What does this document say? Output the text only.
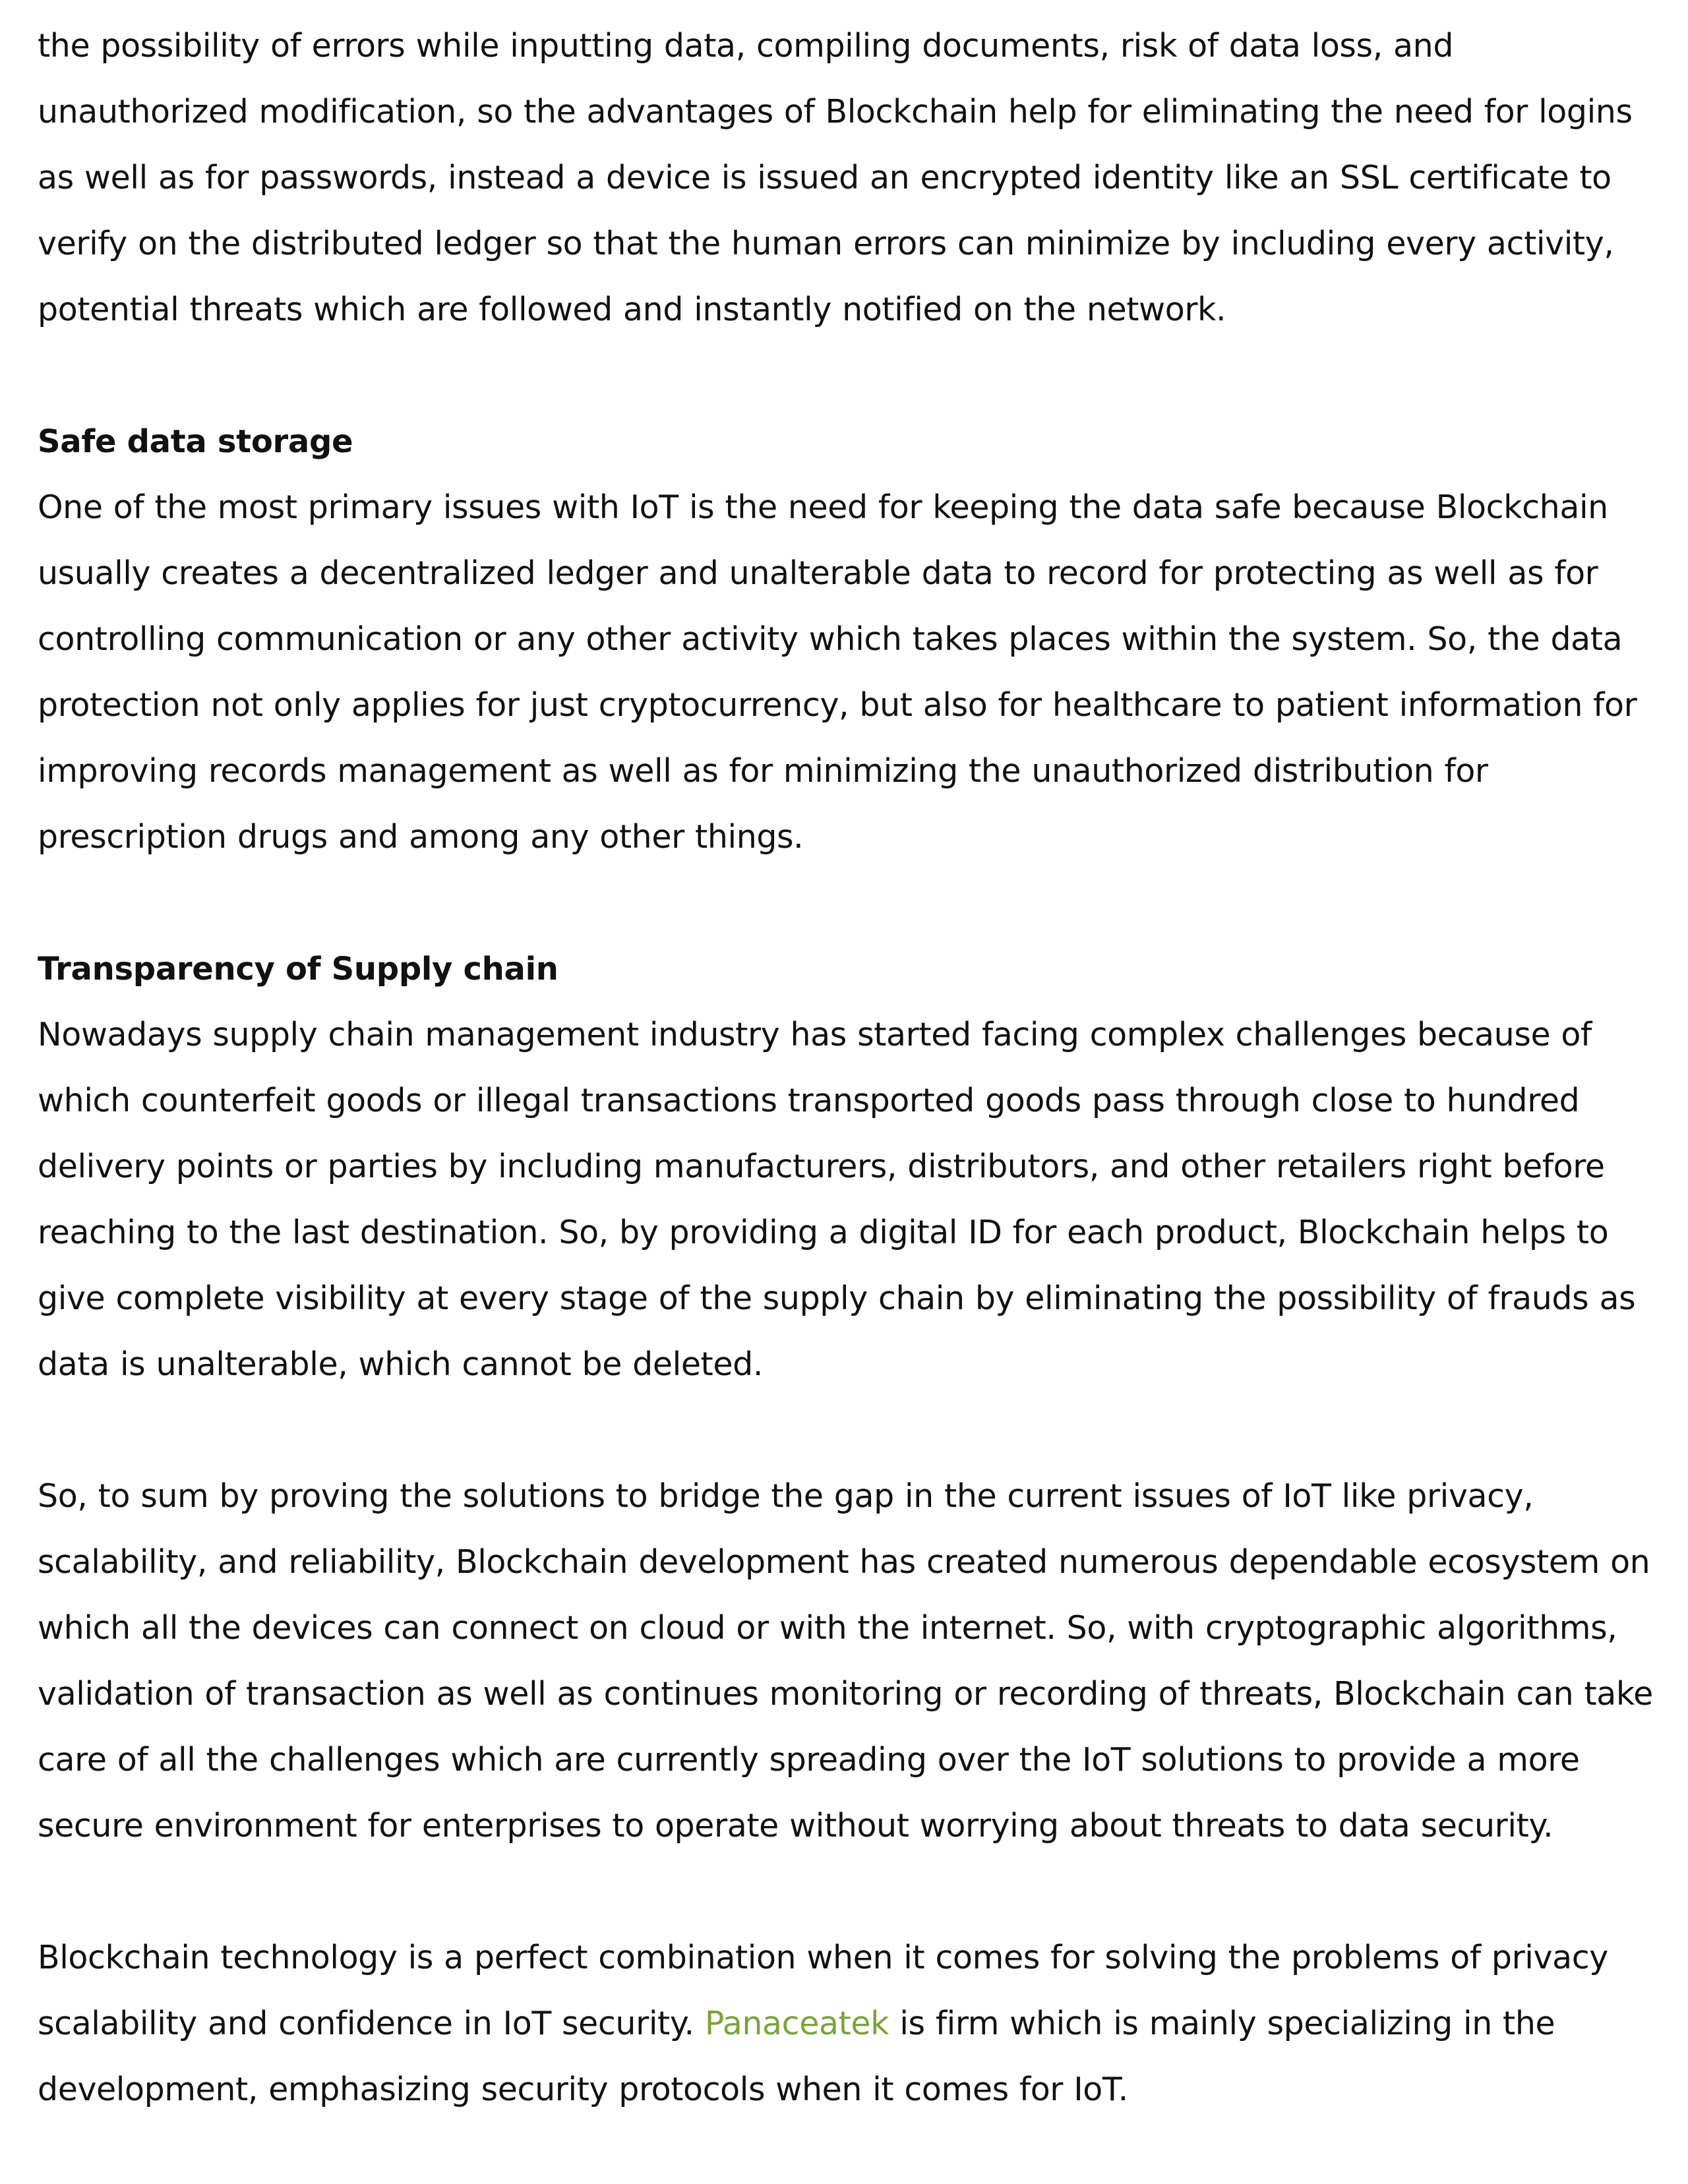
the possibility of errors while inputting data, compiling documents, risk of data loss, and unauthorized modification, so the advantages of Blockchain help for eliminating the need for logins as well as for passwords, instead a device is issued an encrypted identity like an SSL certificate to verify on the distributed ledger so that the human errors can minimize by including every activity, potential threats which are followed and instantly notified on the network.

Safe data storage

One of the most primary issues with IoT is the need for keeping the data safe because Blockchain usually creates a decentralized ledger and unalterable data to record for protecting as well as for controlling communication or any other activity which takes places within the system. So, the data protection not only applies for just cryptocurrency, but also for healthcare to patient information for improving records management as well as for minimizing the unauthorized distribution for prescription drugs and among any other things.

Transparency of Supply chain

Nowadays supply chain management industry has started facing complex challenges because of which counterfeit goods or illegal transactions transported goods pass through close to hundred delivery points or parties by including manufacturers, distributors, and other retailers right before reaching to the last destination. So, by providing a digital ID for each product, Blockchain helps to give complete visibility at every stage of the supply chain by eliminating the possibility of frauds as data is unalterable, which cannot be deleted.

So, to sum by proving the solutions to bridge the gap in the current issues of IoT like privacy, scalability, and reliability, Blockchain development has created numerous dependable ecosystem on which all the devices can connect on cloud or with the internet. So, with cryptographic algorithms, validation of transaction as well as continues monitoring or recording of threats, Blockchain can take care of all the challenges which are currently spreading over the IoT solutions to provide a more secure environment for enterprises to operate without worrying about threats to data security.

Blockchain technology is a perfect combination when it comes for solving the problems of privacy scalability and confidence in IoT security. Panaceatek is firm which is mainly specializing in the development, emphasizing security protocols when it comes for IoT.
